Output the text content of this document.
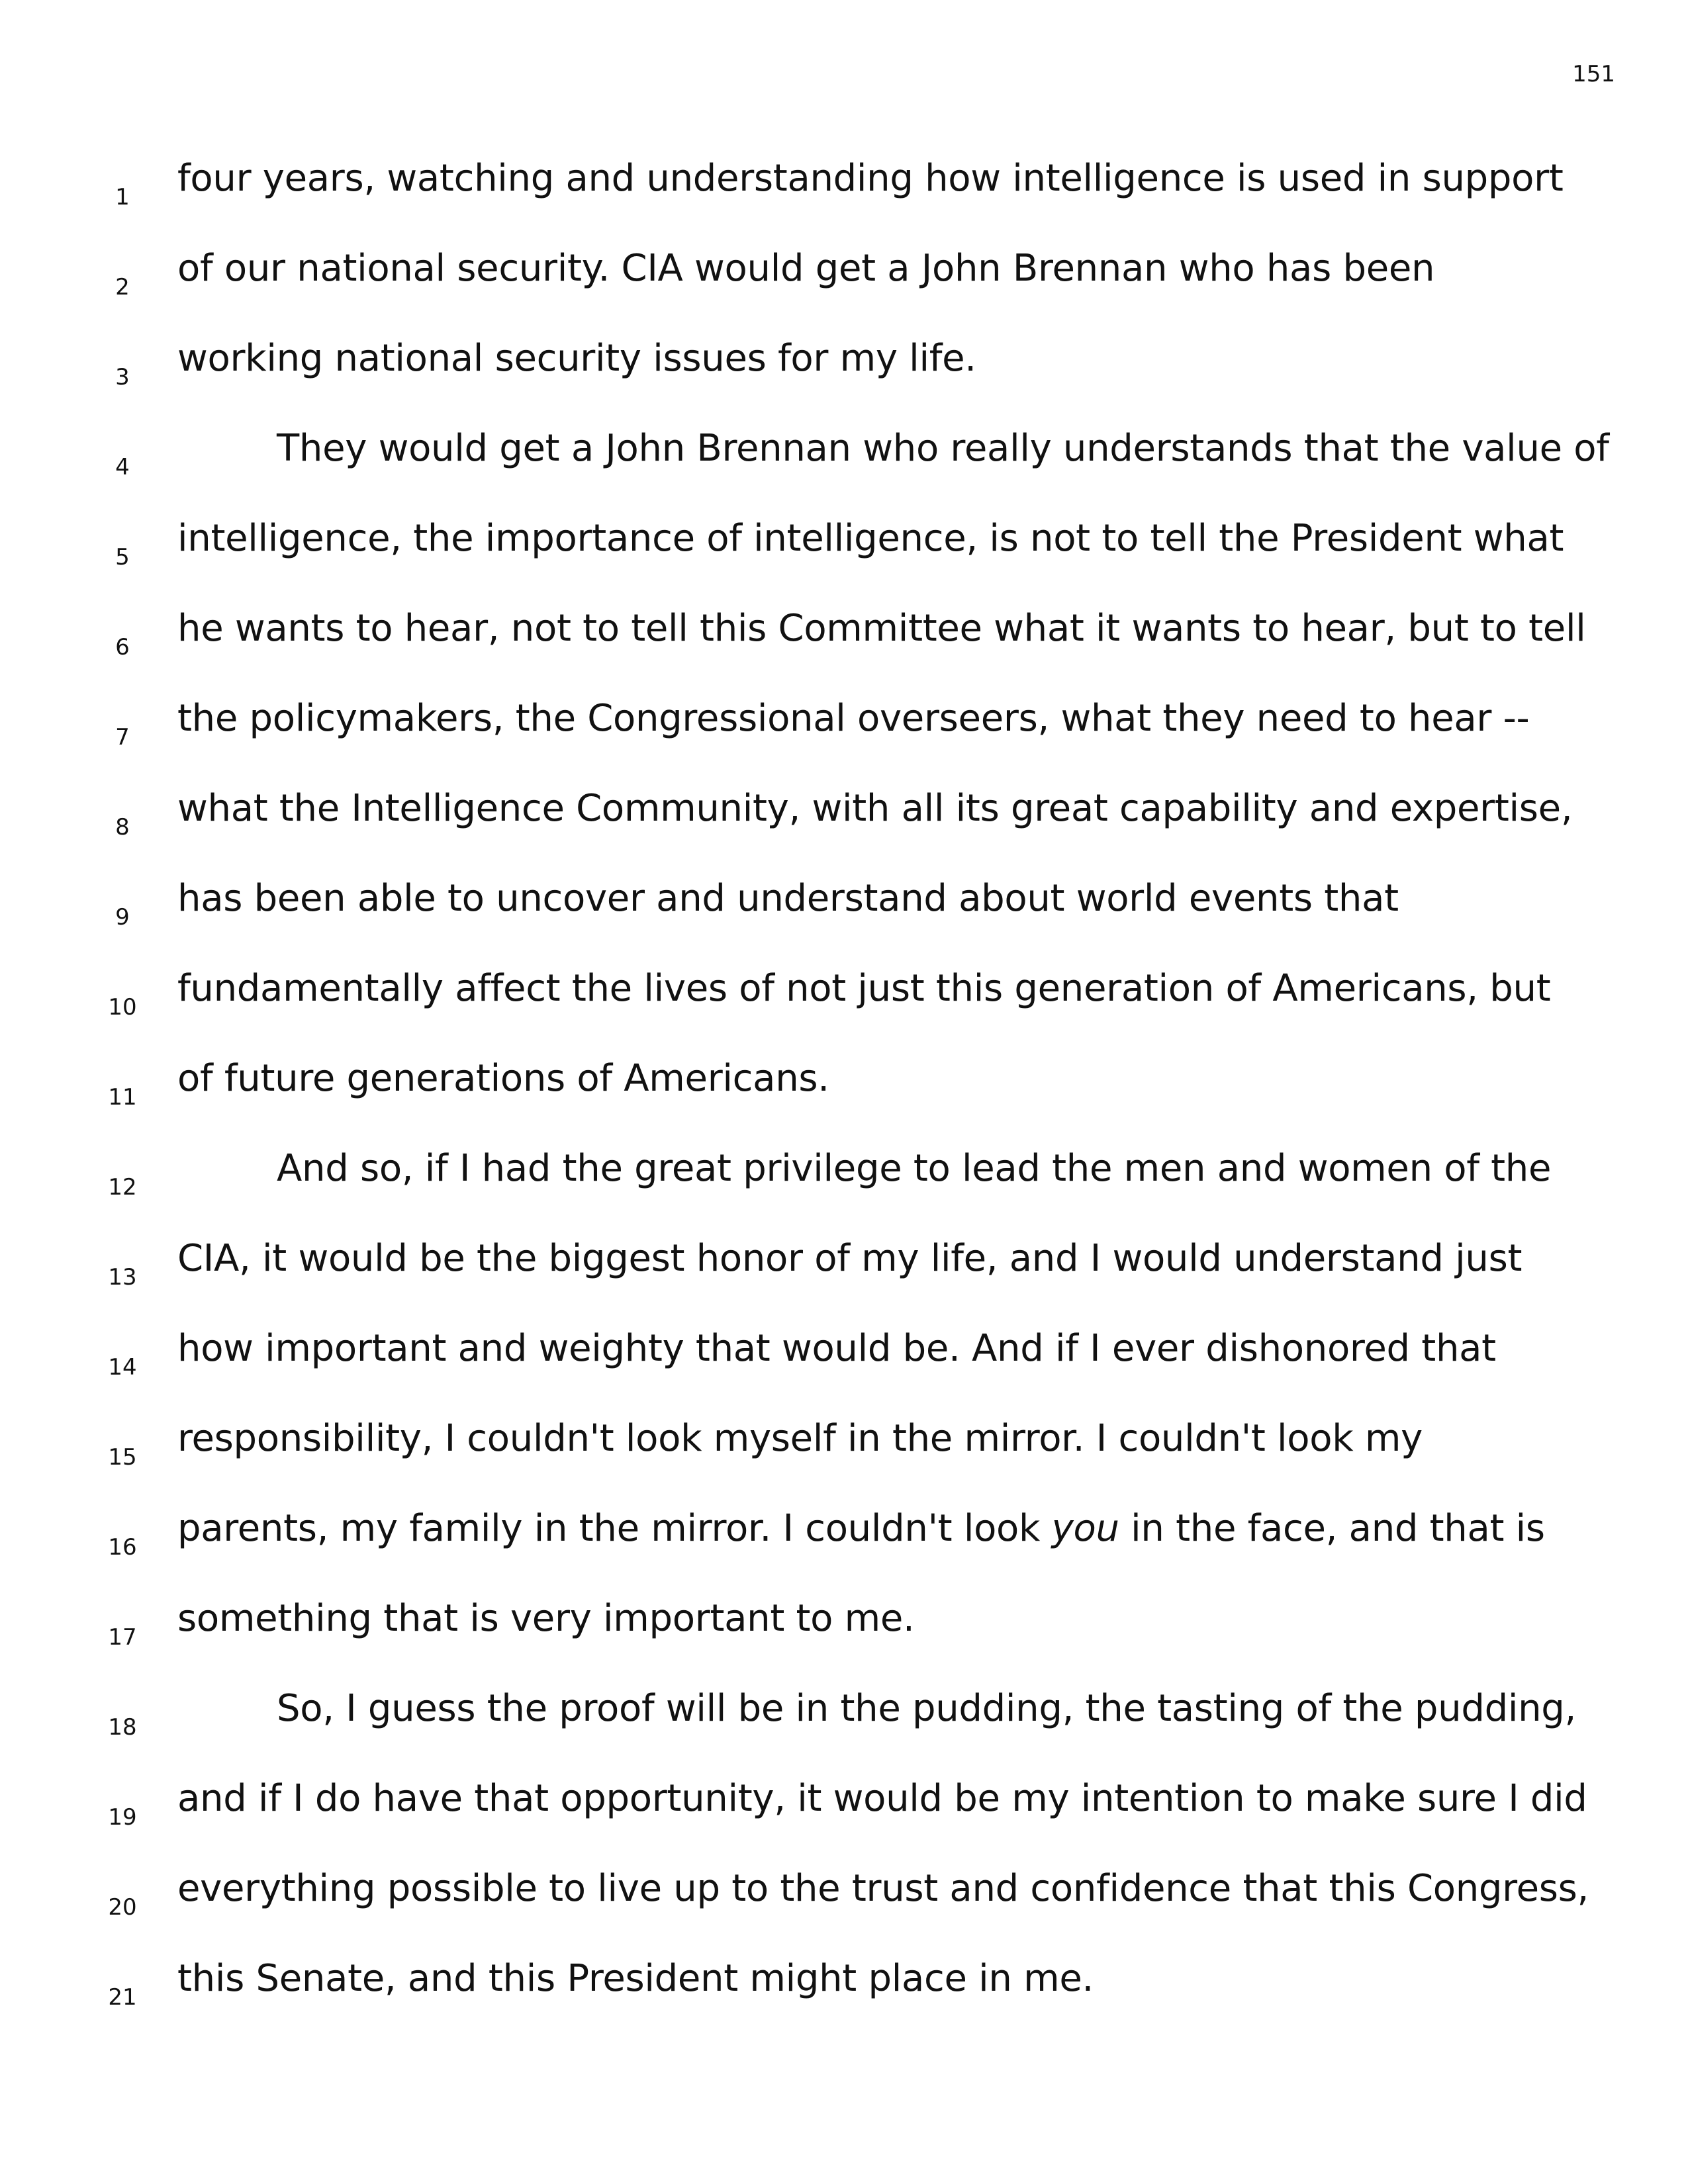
151
1	four years, watching and understanding how intelligence is used in support
2	of our national security. CIA would get a John Brennan who has been
3	working national security issues for my life.
4	They would get a John Brennan who really understands that the value of
5	intelligence, the importance of intelligence, is not to tell the President what
6	he wants to hear, not to tell this Committee what it wants to hear, but to tell
7	the policymakers, the Congressional overseers, what they need to hear --
8	what the Intelligence Community, with all its great capability and expertise,
9	has been able to uncover and understand about world events that
10 fundamentally affect the lives of not just this generation of Americans, but
11 of future generations of Americans.
12	And so, if I had the great privilege to lead the men and women of the
13 CIA, it would be the biggest honor of my life, and I would understand just
14 how important and weighty that would be. And if I ever dishonored that
15 responsibility, I couldn't look myself in the mirror. I couldn't look my
16 parents, my family in the mirror. I couldn't look you in the face, and that is
17 something that is very important to me.
18	So, I guess the proof will be in the pudding, the tasting of the pudding,
19 and if I do have that opportunity, it would be my intention to make sure I did
20 everything possible to live up to the trust and confidence that this Congress,
21 this Senate, and this President might place in me.
